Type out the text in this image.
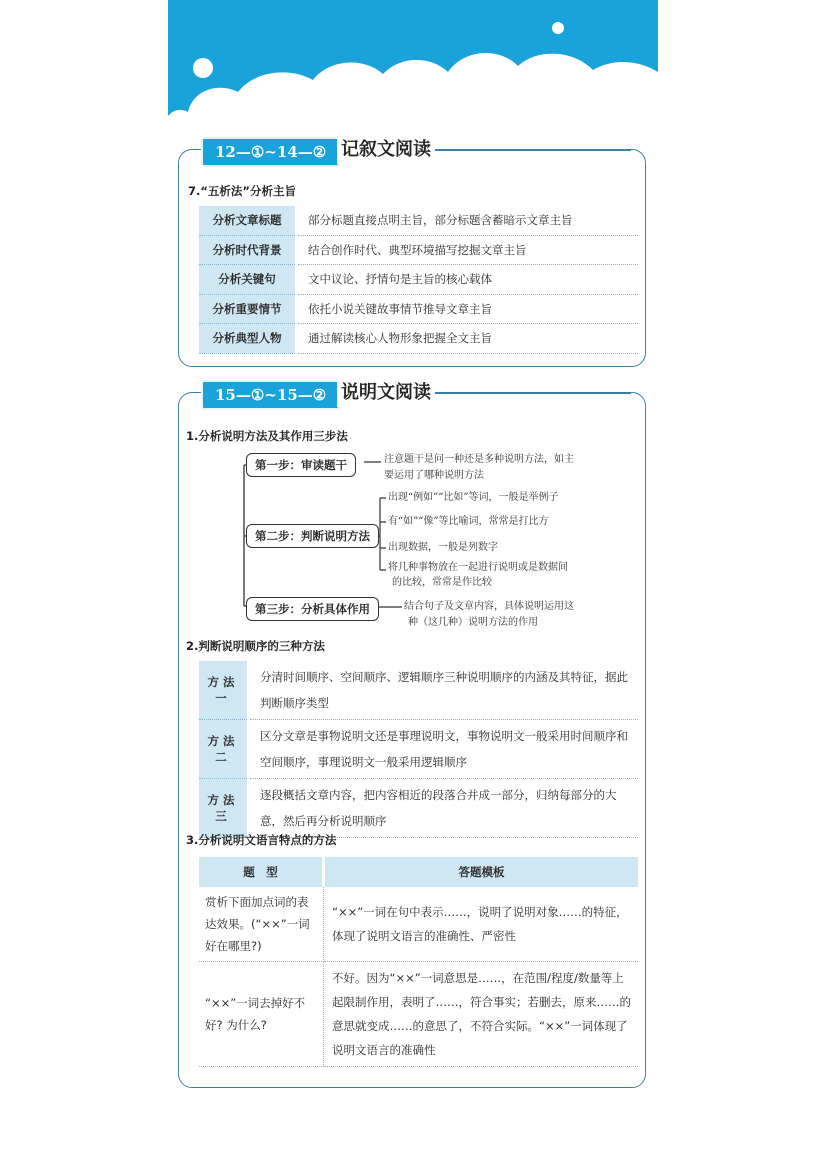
12—①~14—② 记叙文阅读
7.“五析法”分析主旨
分析文章标题	部分标题直接点明主旨，部分标题含蓄暗示文章主旨
分析时代背景	结合创作时代、典型环境描写挖掘文章主旨
分析关键句	文中议论、抒情句是主旨的核心载体
分析重要情节	依托小说关键故事情节推导文章主旨
分析典型人物	通过解读核心人物形象把握全文主旨
15—①~15—② 说明文阅读
1.分析说明方法及其作用三步法
第一步：审读题干	注意题干是问一种还是多种说明方法，如主
要运用了哪种说明方法
第二步：判断说明方法
出现“例如”“比如”等词，一般是举例子
有“如”“像”等比喻词，常常是打比方
出现数据，一般是列数字
将几种事物放在一起进行说明或是数据间
的比较，常常是作比较
第三步：分析具体作用	结合句子及文章内容，具体说明运用这
种（这几种）说明方法的作用
2.判断说明顺序的三种方法
方法一	分清时间顺序、空间顺序、逻辑顺序三种说明顺序的内涵及其特征，据此判断顺序类型
方法二	区分文章是事物说明文还是事理说明文，事物说明文一般采用时间顺序和空间顺序，事理说明文一般采用逻辑顺序
方法三	逐段概括文章内容，把内容相近的段落合并成一部分，归纳每部分的大意，然后再分析说明顺序
3.分析说明文语言特点的方法
题　型	答题模板
赏析下面加点词的表达效果。(“××”一词好在哪里?)	“××”一词在句中表示……，说明了说明对象……的特征，体现了说明文语言的准确性、严密性
“××”一词去掉好不好? 为什么?	不好。因为“××”一词意思是……，在范围/程度/数量等上起限制作用，表明了……，符合事实；若删去，原来……的意思就变成……的意思了，不符合实际。“××”一词体现了说明文语言的准确性
